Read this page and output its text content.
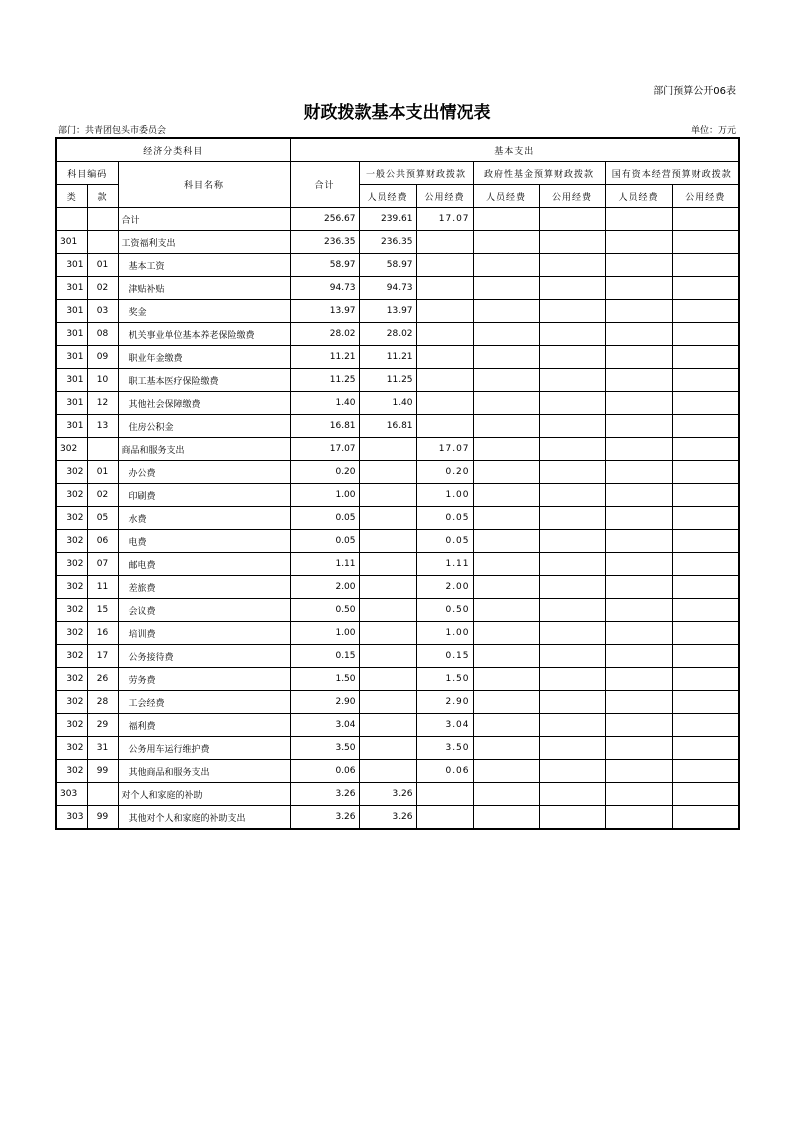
部门预算公开06表
财政拨款基本支出情况表
部门：共青团包头市委员会	单位：万元
经济分类科目			基本支出						
科目编码		科目名称	合计	一般公共预算财政拨款		政府性基金预算财政拨款		国有资本经营预算财政拨款	
类	款			人员经费	公用经费	人员经费	公用经费	人员经费	公用经费
		合计	256.67	239.61	17.07				
301		工资福利支出	236.35	236.35					
301	01	基本工资	58.97	58.97					
301	02	津贴补贴	94.73	94.73					
301	03	奖金	13.97	13.97					
301	08	机关事业单位基本养老保险缴费	28.02	28.02					
301	09	职业年金缴费	11.21	11.21					
301	10	职工基本医疗保险缴费	11.25	11.25					
301	12	其他社会保障缴费	1.40	1.40					
301	13	住房公积金	16.81	16.81					
302		商品和服务支出	17.07		17.07				
302	01	办公费	0.20		0.20				
302	02	印刷费	1.00		1.00				
302	05	水费	0.05		0.05				
302	06	电费	0.05		0.05				
302	07	邮电费	1.11		1.11				
302	11	差旅费	2.00		2.00				
302	15	会议费	0.50		0.50				
302	16	培训费	1.00		1.00				
302	17	公务接待费	0.15		0.15				
302	26	劳务费	1.50		1.50				
302	28	工会经费	2.90		2.90				
302	29	福利费	3.04		3.04				
302	31	公务用车运行维护费	3.50		3.50				
302	99	其他商品和服务支出	0.06		0.06				
303		对个人和家庭的补助	3.26	3.26					
303	99	其他对个人和家庭的补助支出	3.26	3.26					
